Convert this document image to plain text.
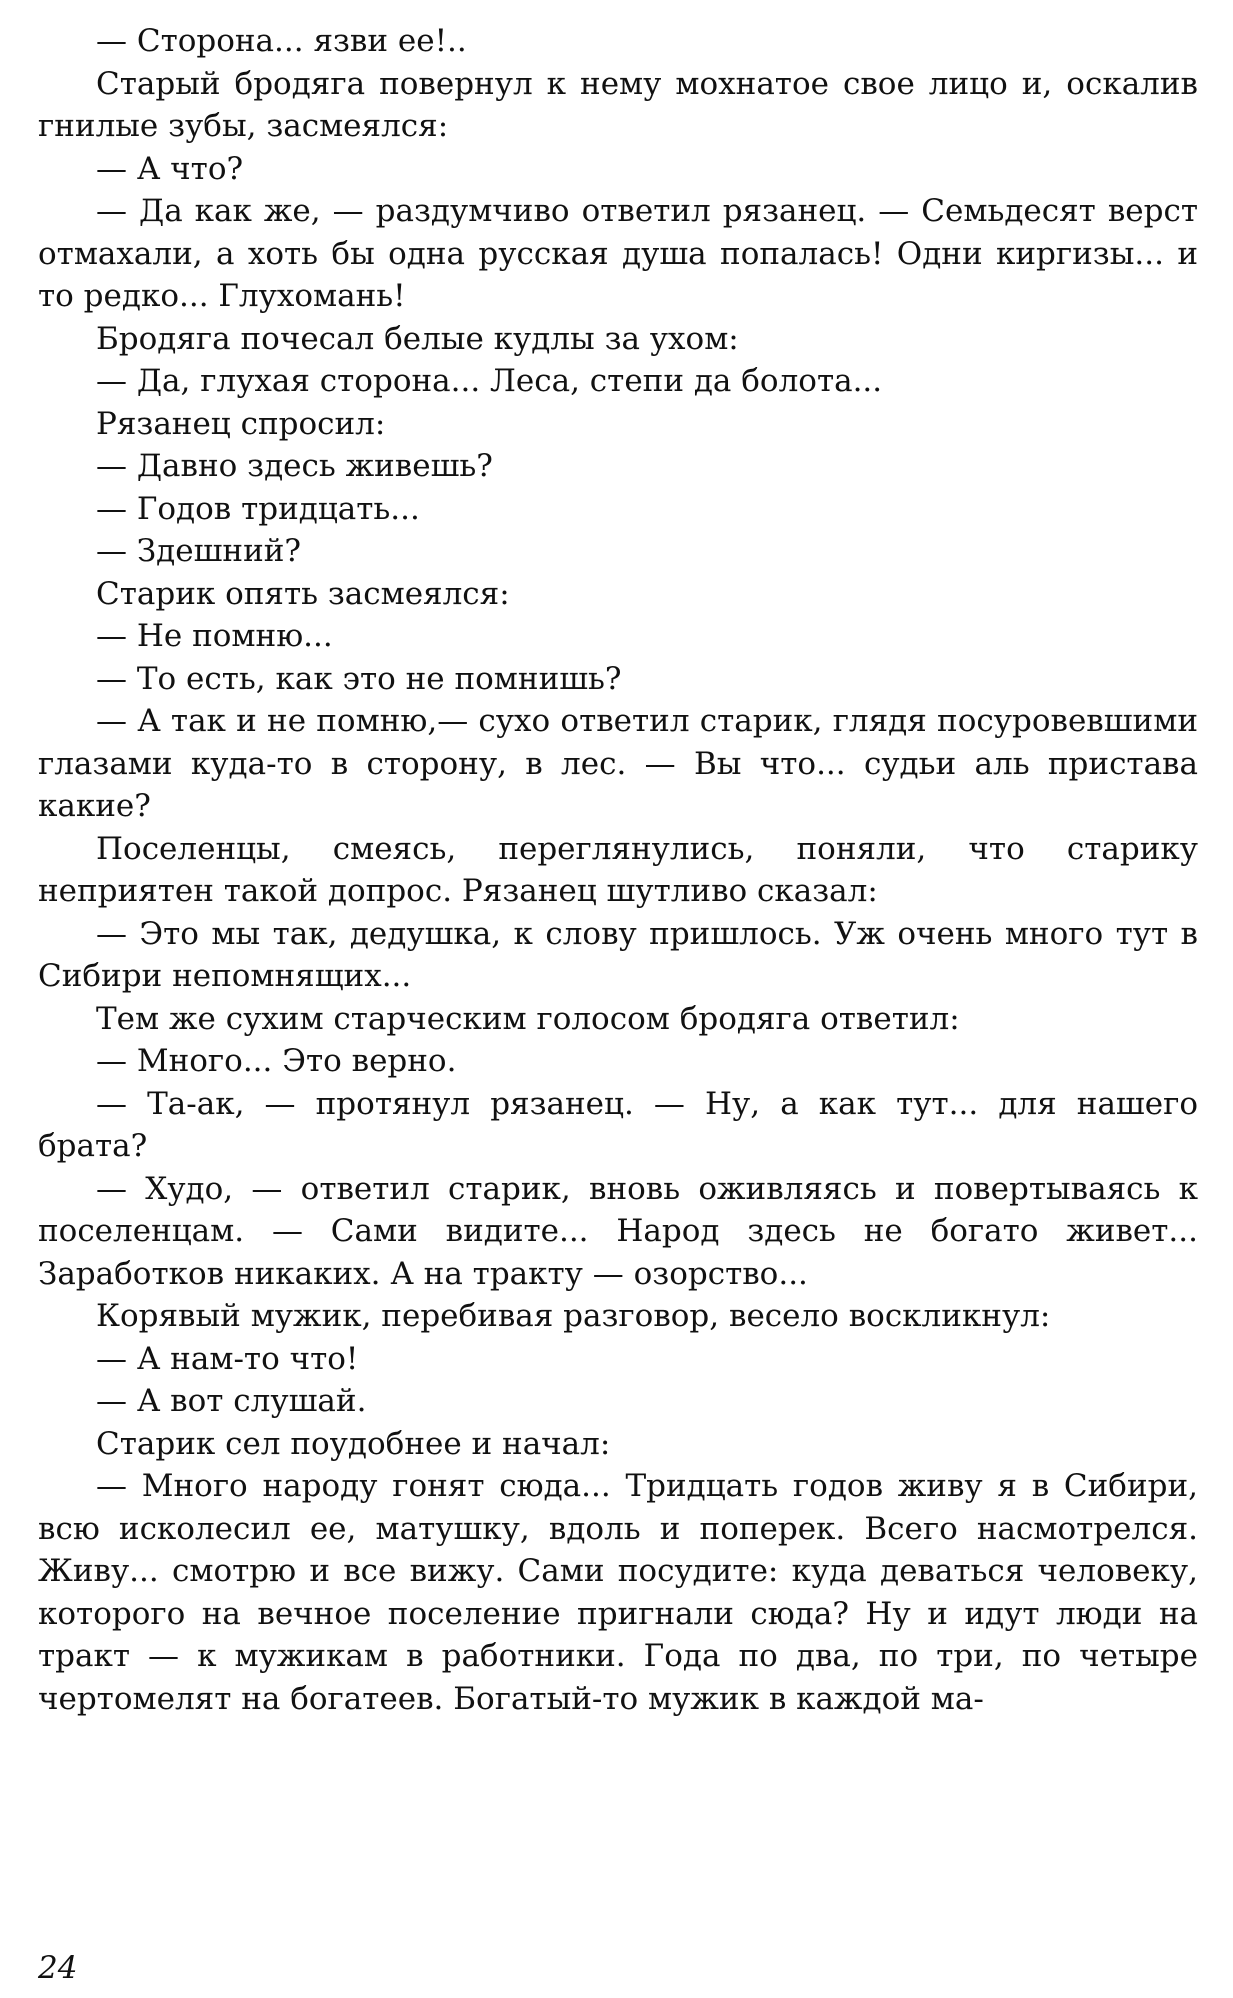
— Сторона... язви ее!..

Старый бродяга повернул к нему мохнатое свое лицо и, оскалив гнилые зубы, засмеялся:

— А что?

— Да как же, — раздумчиво ответил рязанец. — Семьдесят верст отмахали, а хоть бы одна русская душа попалась! Одни киргизы... и то редко... Глухомань!

Бродяга почесал белые кудлы за ухом:

— Да, глухая сторона... Леса, степи да болота...

Рязанец спросил:

— Давно здесь живешь?

— Годов тридцать...

— Здешний?

Старик опять засмеялся:

— Не помню...

— То есть, как это не помнишь?

— А так и не помню,— сухо ответил старик, глядя посуровевшими глазами куда-то в сторону, в лес. — Вы что... судьи аль пристава какие?

Поселенцы, смеясь, переглянулись, поняли, что старику неприятен такой допрос. Рязанец шутливо сказал:

— Это мы так, дедушка, к слову пришлось. Уж очень много тут в Сибири непомнящих...

Тем же сухим старческим голосом бродяга ответил:

— Много... Это верно.

— Та-ак, — протянул рязанец. — Ну, а как тут... для нашего брата?

— Худо, — ответил старик, вновь оживляясь и повертываясь к поселенцам. — Сами видите... Народ здесь не богато живет... Заработков никаких. А на тракту — озорство...

Корявый мужик, перебивая разговор, весело воскликнул:

— А нам-то что!

— А вот слушай.

Старик сел поудобнее и начал:

— Много народу гонят сюда... Тридцать годов живу я в Сибири, всю исколесил ее, матушку, вдоль и поперек. Всего насмотрелся. Живу... смотрю и все вижу. Сами посудите: куда деваться человеку, которого на вечное поселение пригнали сюда? Ну и идут люди на тракт — к мужикам в работники. Года по два, по три, по четыре чертомелят на богатеев. Богатый-то мужик в каждой ма-

24
